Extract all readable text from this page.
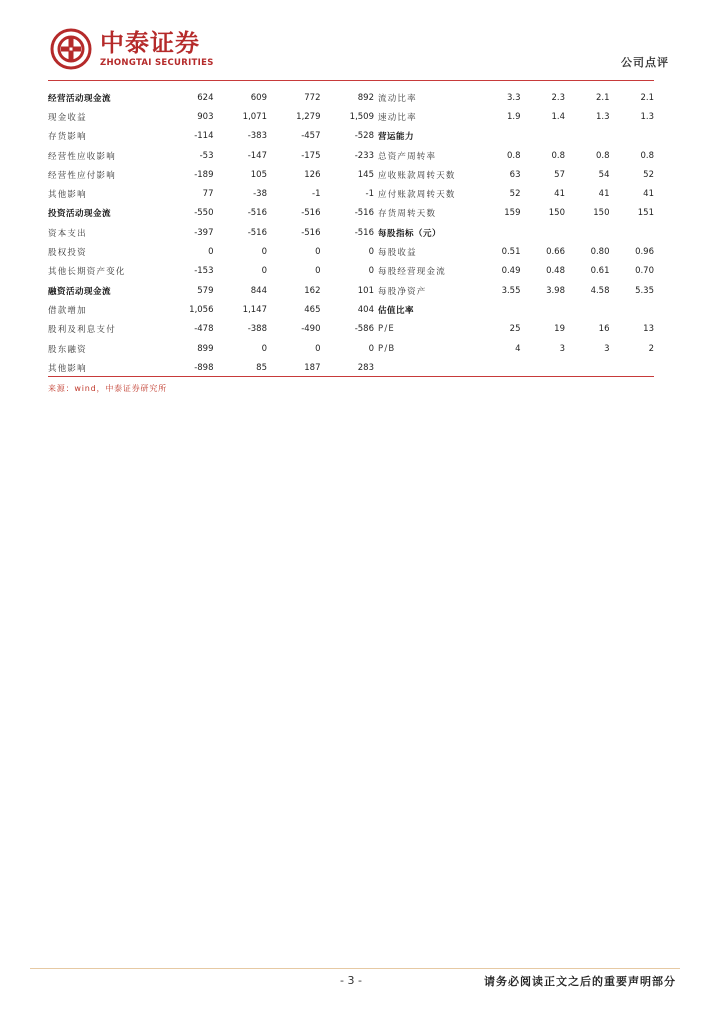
中泰证券
ZHONGTAI SECURITIES	公司点评
经营活动现金流	624	609	772	892
现金收益	903	1,071	1,279	1,509
存货影响	-114	-383	-457	-528
经营性应收影响	-53	-147	-175	-233
经营性应付影响	-189	105	126	145
其他影响	77	-38	-1	-1
投资活动现金流	-550	-516	-516	-516
资本支出	-397	-516	-516	-516
股权投资	0	0	0	0
其他长期资产变化	-153	0	0	0
融资活动现金流	579	844	162	101
借款增加	1,056	1,147	465	404
股利及利息支付	-478	-388	-490	-586
股东融资	899	0	0	0
其他影响	-898	85	187	283
流动比率	3.3	2.3	2.1	2.1
速动比率	1.9	1.4	1.3	1.3
营运能力
总资产周转率	0.8	0.8	0.8	0.8
应收账款周转天数	63	57	54	52
应付账款周转天数	52	41	41	41
存货周转天数	159	150	150	151
每股指标（元）
每股收益	0.51	0.66	0.80	0.96
每股经营现金流	0.49	0.48	0.61	0.70
每股净资产	3.55	3.98	4.58	5.35
估值比率
P/E	25	19	16	13
P/B	4	3	3	2
来源：wind，中泰证券研究所
- 3 -	请务必阅读正文之后的重要声明部分
